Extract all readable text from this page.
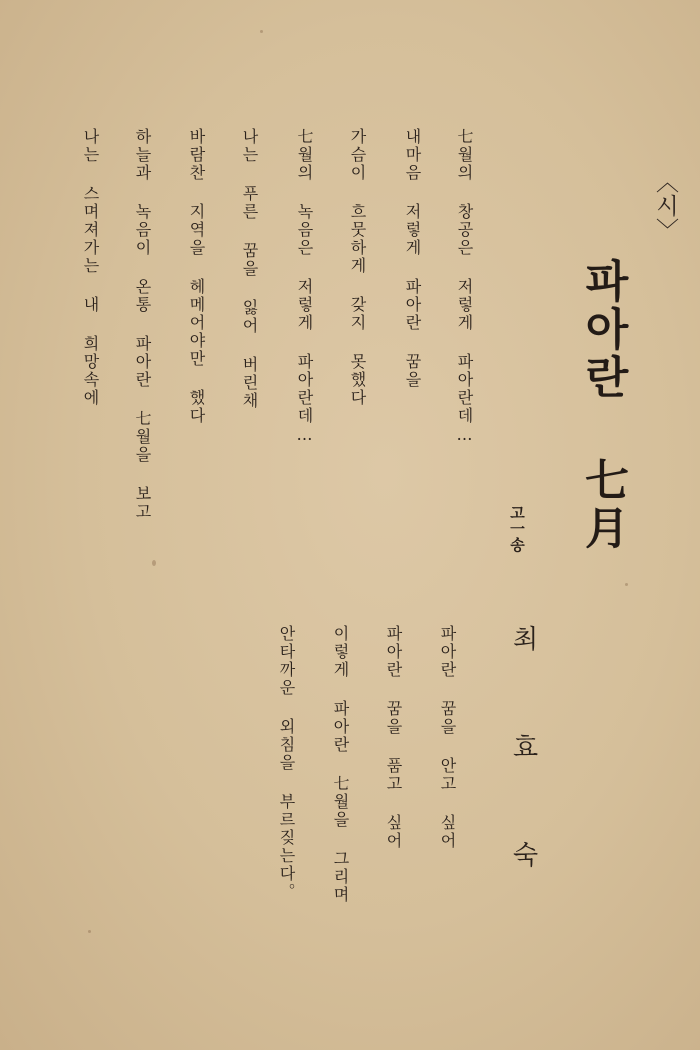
〈시〉
파아란 七月
고一송
최 효 숙
七월의 창공은 저렇게 파아란데…
내마음 저렇게 파아란 꿈을
가슴이 흐뭇하게 갖지 못했다
七월의 녹음은 저렇게 파아란데…
나는 푸른 꿈을 잃어 버린채
바람찬 지역을 헤메어야만 했다
하늘과 녹음이 온통 파아란 七월을 보고
나는 스며져가는 내 희망속에
파아란 꿈을 안고 싶어
파아란 꿈을 품고 싶어
이렇게 파아란 七월을 그리며
안타까운 외침을 부르짖는다。
